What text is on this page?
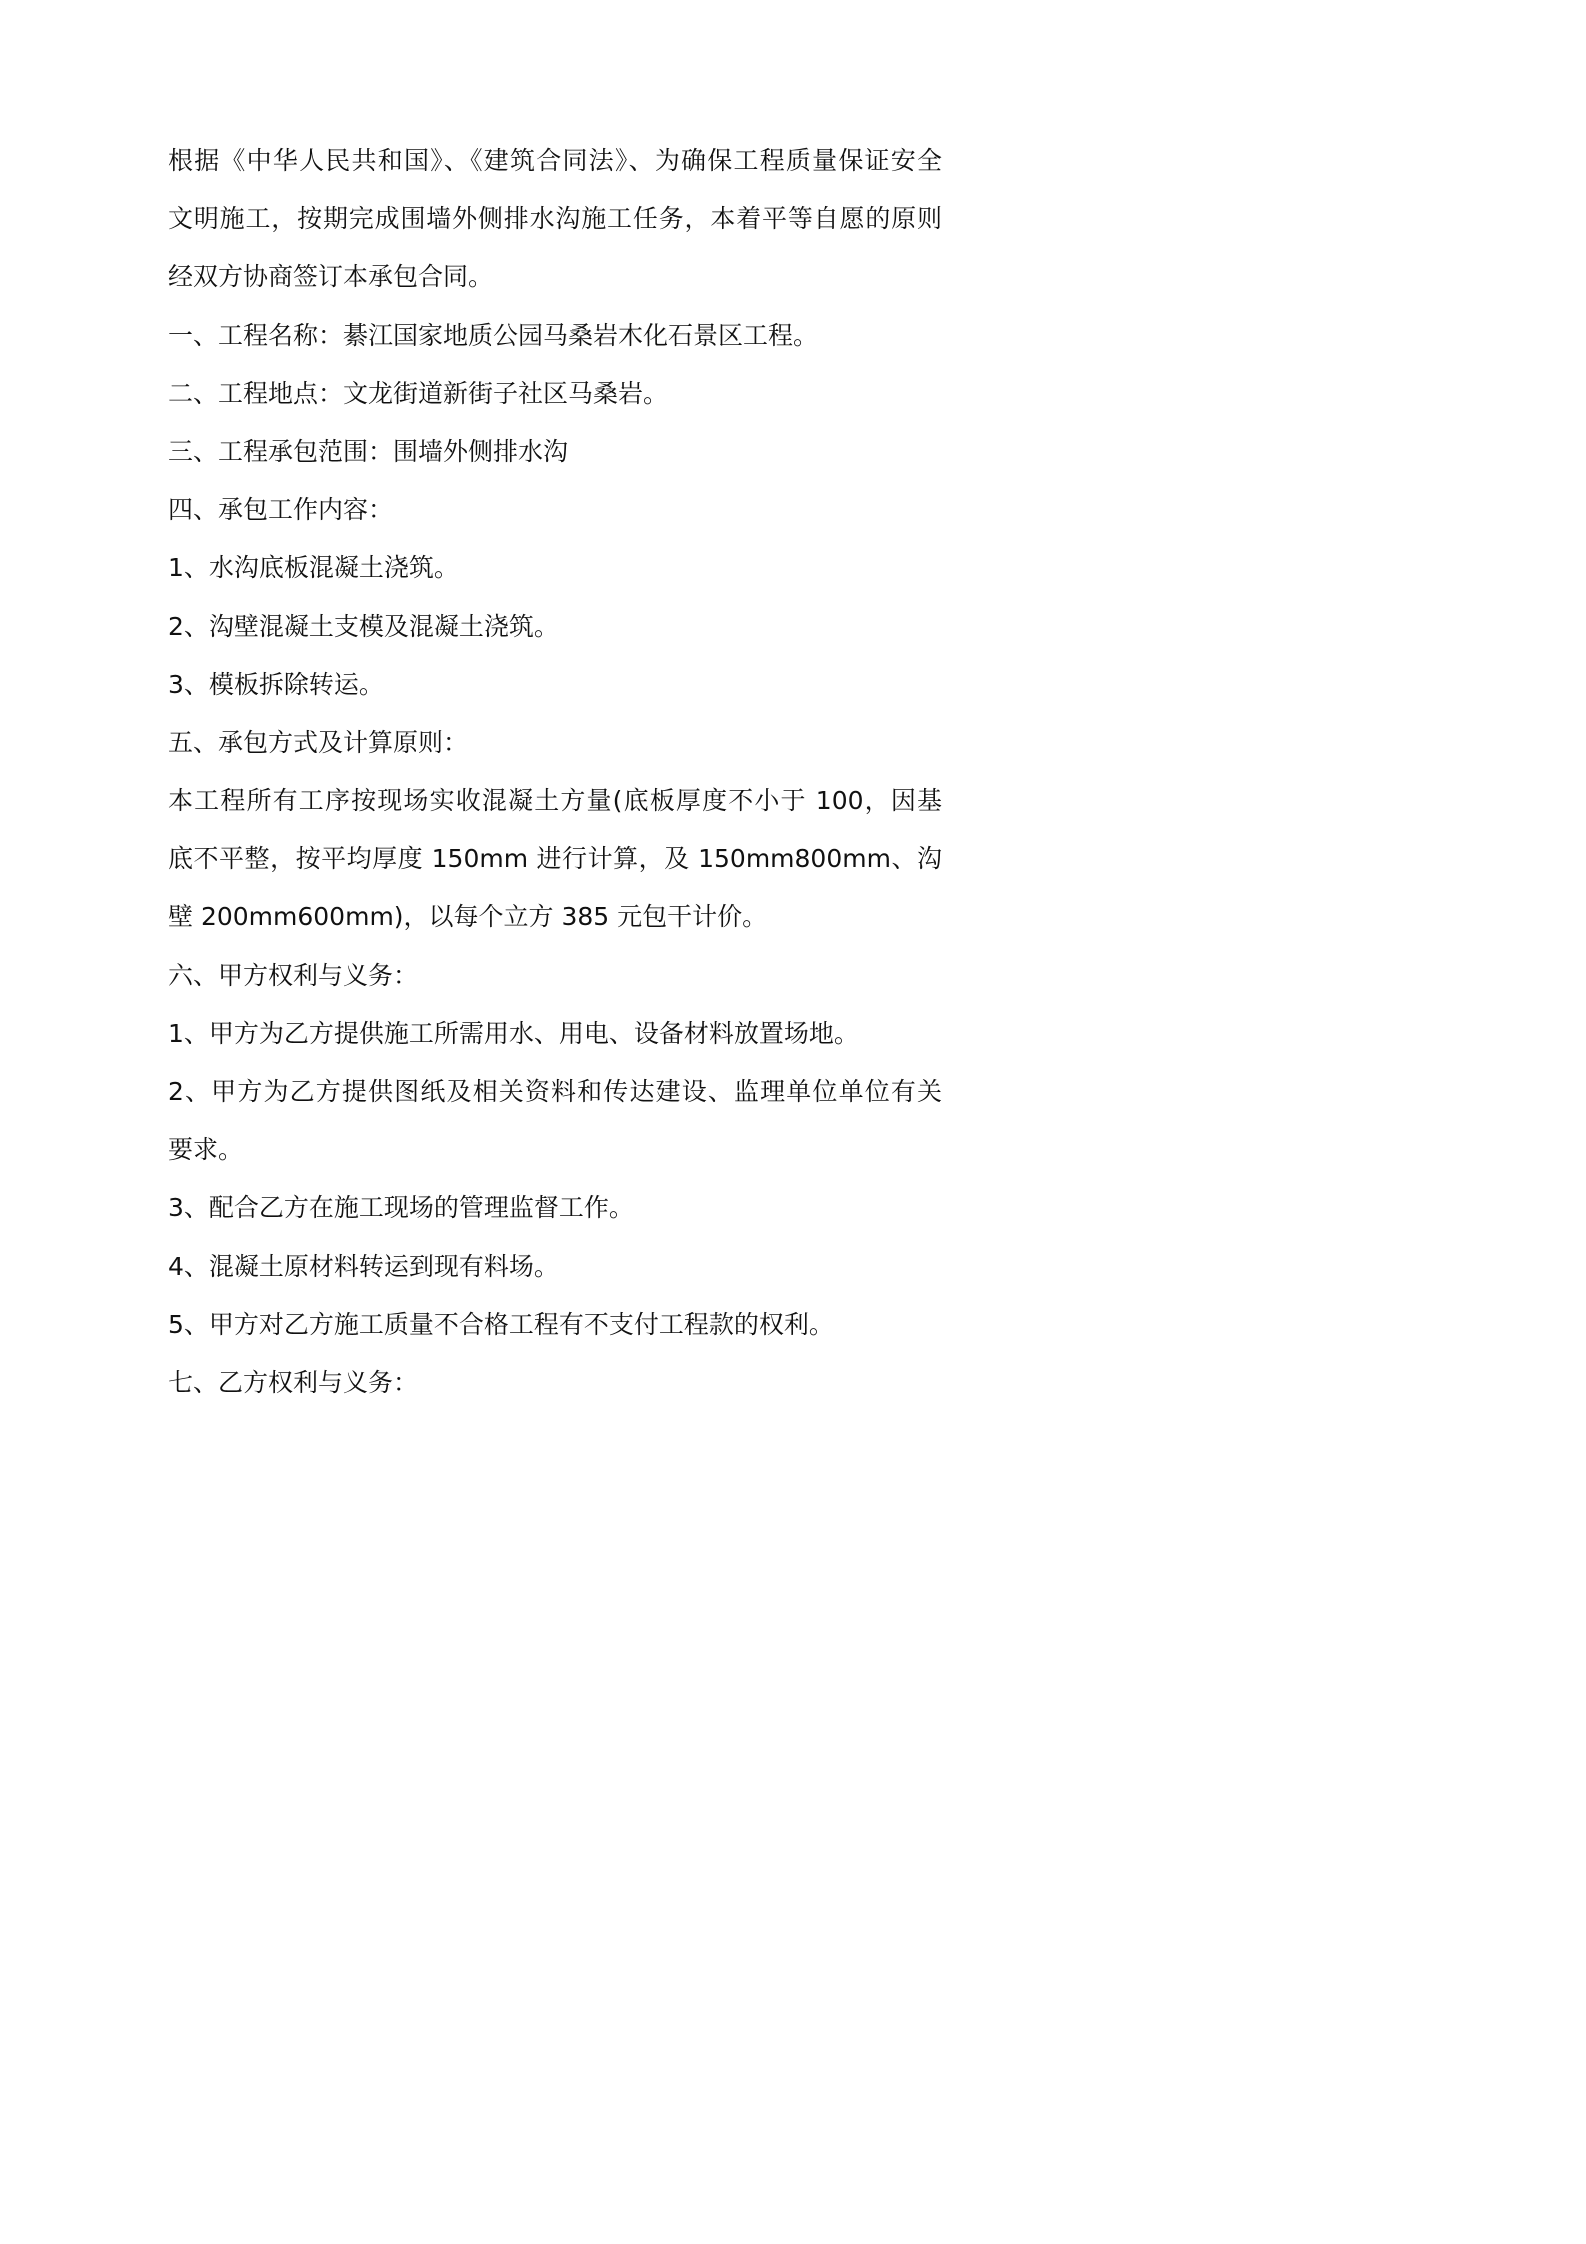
根据《中华人民共和国》、《建筑合同法》、为确保工程质量保证安全

文明施工，按期完成围墙外侧排水沟施工任务，本着平等自愿的原则

经双方协商签订本承包合同。

一、工程名称：綦江国家地质公园马桑岩木化石景区工程。

二、工程地点：文龙街道新街子社区马桑岩。

三、工程承包范围：围墙外侧排水沟

四、承包工作内容：

1、水沟底板混凝土浇筑。

2、沟壁混凝土支模及混凝土浇筑。

3、模板拆除转运。

五、承包方式及计算原则：

本工程所有工序按现场实收混凝土方量(底板厚度不小于 100，因基

底不平整，按平均厚度 150mm 进行计算，及 150mm800mm、沟

壁 200mm600mm)，以每个立方 385 元包干计价。

六、甲方权利与义务：

1、甲方为乙方提供施工所需用水、用电、设备材料放置场地。

2、甲方为乙方提供图纸及相关资料和传达建设、监理单位单位有关

要求。

3、配合乙方在施工现场的管理监督工作。

4、混凝土原材料转运到现有料场。

5、甲方对乙方施工质量不合格工程有不支付工程款的权利。

七、乙方权利与义务：
